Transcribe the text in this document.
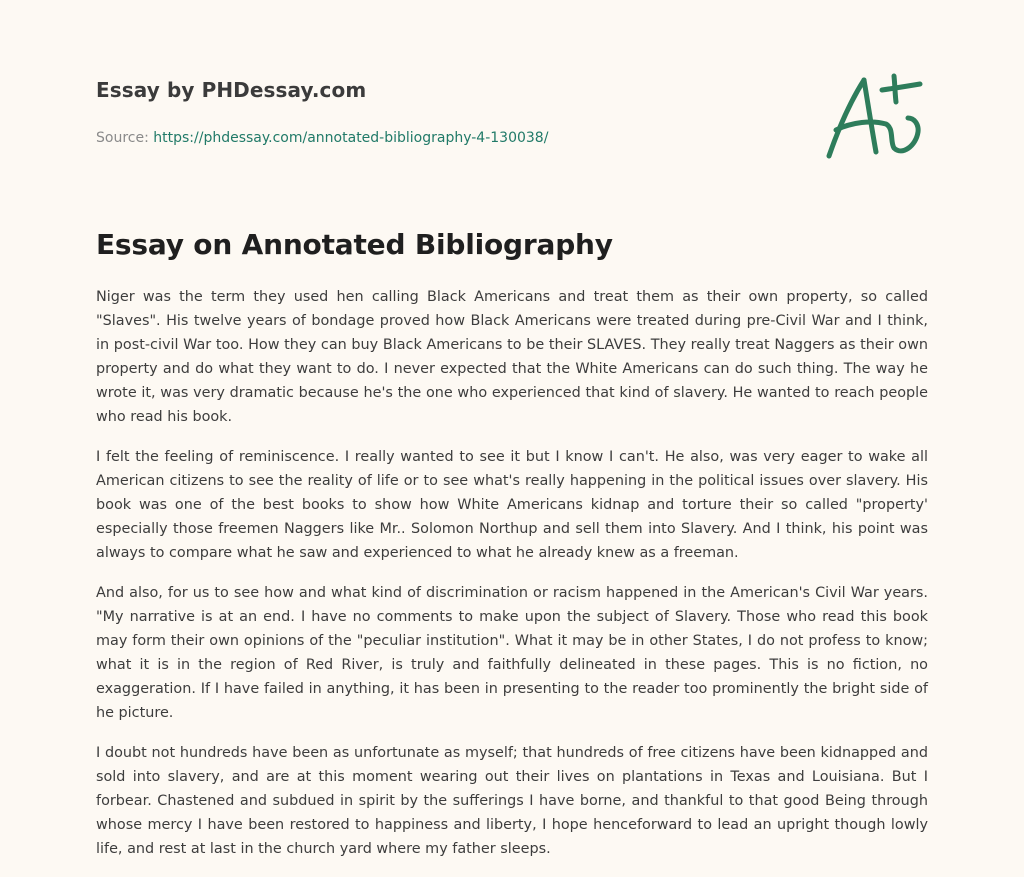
Essay by PHDessay.com
Source: https://phdessay.com/annotated-bibliography-4-130038/
Essay on Annotated Bibliography

Niger was the term they used hen calling Black Americans and treat them as their own property, so called "Slaves". His twelve years of bondage proved how Black Americans were treated during pre-Civil War and I think, in post-civil War too. How they can buy Black Americans to be their SLAVES. They really treat Naggers as their own property and do what they want to do. I never expected that the White Americans can do such thing. The way he wrote it, was very dramatic because he's the one who experienced that kind of slavery. He wanted to reach people who read his book.

I felt the feeling of reminiscence. I really wanted to see it but I know I can't. He also, was very eager to wake all American citizens to see the reality of life or to see what's really happening in the political issues over slavery. His book was one of the best books to show how White Americans kidnap and torture their so called "property' especially those freemen Naggers like Mr.. Solomon Northup and sell them into Slavery. And I think, his point was always to compare what he saw and experienced to what he already knew as a freeman.

And also, for us to see how and what kind of discrimination or racism happened in the American's Civil War years. "My narrative is at an end. I have no comments to make upon the subject of Slavery. Those who read this book may form their own opinions of the "peculiar institution". What it may be in other States, I do not profess to know; what it is in the region of Red River, is truly and faithfully delineated in these pages. This is no fiction, no exaggeration. If I have failed in anything, it has been in presenting to the reader too prominently the bright side of he picture.

I doubt not hundreds have been as unfortunate as myself; that hundreds of free citizens have been kidnapped and sold into slavery, and are at this moment wearing out their lives on plantations in Texas and Louisiana. But I forbear. Chastened and subdued in spirit by the sufferings I have borne, and thankful to that good Being through whose mercy I have been restored to happiness and liberty, I hope henceforward to lead an upright though lowly life, and rest at last in the church yard where my father sleeps.
